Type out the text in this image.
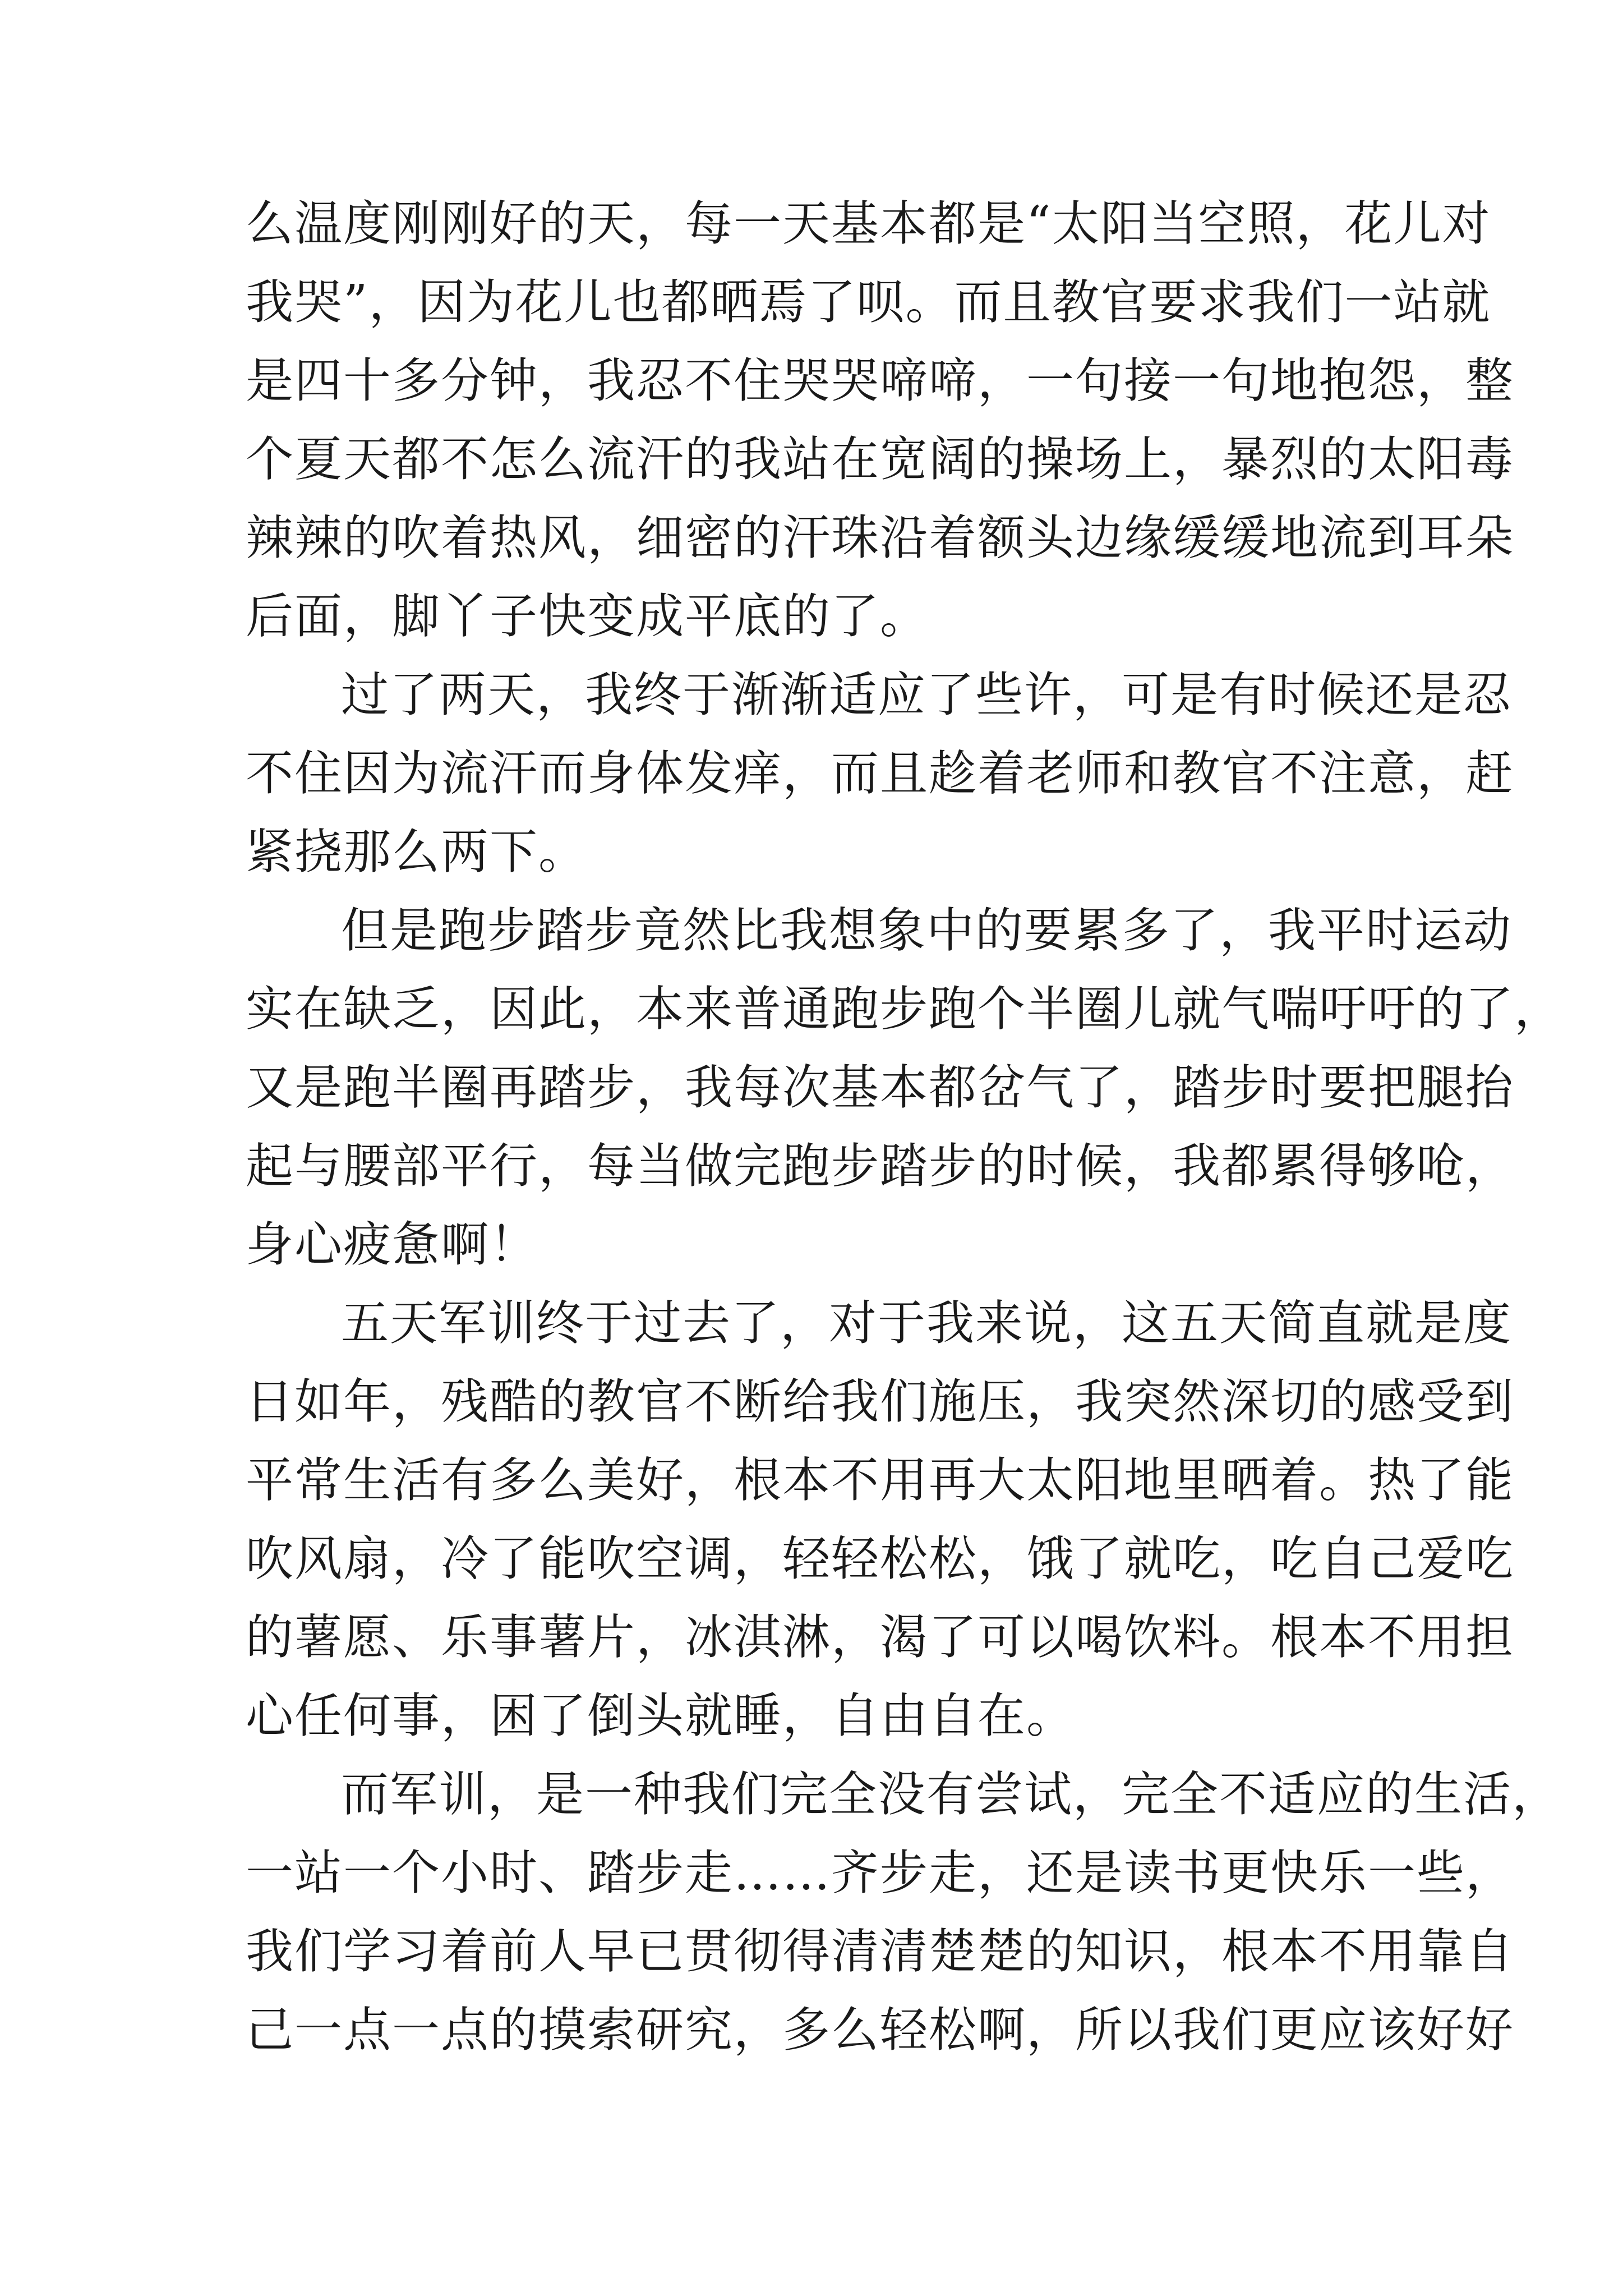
么温度刚刚好的天，每一天基本都是“太阳当空照，花儿对
我哭”，因为花儿也都晒焉了呗。而且教官要求我们一站就
是四十多分钟，我忍不住哭哭啼啼，一句接一句地抱怨，整
个夏天都不怎么流汗的我站在宽阔的操场上，暴烈的太阳毒
辣辣的吹着热风，细密的汗珠沿着额头边缘缓缓地流到耳朵
后面，脚丫子快变成平底的了。
过了两天，我终于渐渐适应了些许，可是有时候还是忍
不住因为流汗而身体发痒，而且趁着老师和教官不注意，赶
紧挠那么两下。
但是跑步踏步竟然比我想象中的要累多了，我平时运动
实在缺乏，因此，本来普通跑步跑个半圈儿就气喘吁吁的了，
又是跑半圈再踏步，我每次基本都岔气了，踏步时要把腿抬
起与腰部平行，每当做完跑步踏步的时候，我都累得够呛，
身心疲惫啊！
五天军训终于过去了，对于我来说，这五天简直就是度
日如年，残酷的教官不断给我们施压，我突然深切的感受到
平常生活有多么美好，根本不用再大太阳地里晒着。热了能
吹风扇，冷了能吹空调，轻轻松松，饿了就吃，吃自己爱吃
的薯愿、乐事薯片，冰淇淋，渴了可以喝饮料。根本不用担
心任何事，困了倒头就睡，自由自在。
而军训，是一种我们完全没有尝试，完全不适应的生活，
一站一个小时、踏步走……齐步走，还是读书更快乐一些，
我们学习着前人早已贯彻得清清楚楚的知识，根本不用靠自
己一点一点的摸索研究，多么轻松啊，所以我们更应该好好
